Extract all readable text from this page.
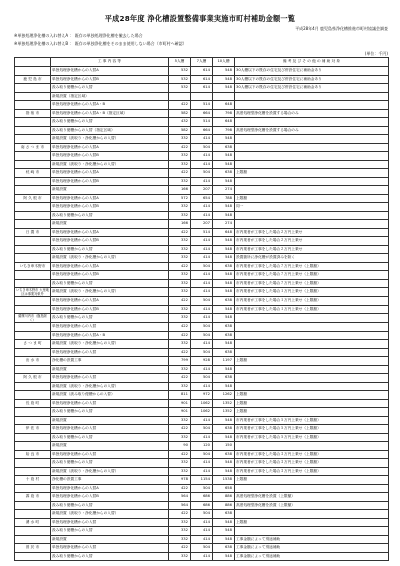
平成28年度 浄化槽設置整備事業実施市町村補助金額一覧
平成28年4月 鹿児島県浄化槽推進市町村協議会調査
※単独処理浄化槽の入れ替えA ： 既存の単独処理浄化槽を撤去した場合
※単独処理浄化槽の入れ替えB ： 既存の単独浄化槽をそのまま使用しない場合（市町村へ確認）
(単位：千円)
	工 事 内 容 等	5人槽	7人槽	10人槽	備 考 及 び そ の 他 の 補 助 対 象
	単独処理浄化槽からの入替A	532	614	548	30人槽以下の既存の住宅及び併設住宅に補助金あり
鹿 児 島 市	単独処理浄化槽からの入替B	532	614	548	30人槽以下の既存の住宅及び併設住宅に補助金あり
	汲み取り便槽からの入替	532	614	548	30人槽以下の既存の住宅及び併設住宅に補助金あり
	新規設置（指定区域）				
	単独処理浄化槽からの入替A・B	422	514	648	
指 宿 市	単独処理浄化槽からの入替A・B（指定区域）	582	664	798	高度処理型浄化槽を設置する場合のみ
	汲み取り便槽からの入替	432	514	648	
	汲み取り便槽からの入替（指定区域）	582	664	798	高度処理型浄化槽を設置する場合のみ
	新規設置（汲取り・浄化槽からの入替）	332	414	548	
南 さ つ ま 市	単独処理浄化槽からの入替A	422	504	638	
	単独処理浄化槽からの入替B	332	414	548	
	新規設置（汲取り・浄化槽からの入替）	332	414	548	
枕 崎 市	単独処理浄化槽からの入替A	422	504	638	上限額
	単独処理浄化槽からの入替B	332	414	548	
	新規設置	166	207	274	
阿 久 根 市	単独処理浄化槽からの入替A	572	654	788	上限額
	単独処理浄化槽からの入替B	332	414	548	同一
	汲み取り便槽からの入替	332	414	548	
	新規設置	166	207	274	
日 置 市	単独処理浄化槽からの入替A	422	514	648	市内業者が工事をした場合２万円上乗せ
	単独処理浄化槽からの入替B	332	414	548	市内業者が工事をした場合２万円上乗せ
	汲み取り便槽からの入替	332	414	548	市内業者が工事をした場合２万円上乗せ
	新規設置（汲取り・浄化槽からの入替）	332	414	548	設置箇所に浄化槽が設置済みを除く
いちき串木野市	単独処理浄化槽からの入替A	422	504	638	市内業者が工事をした場合７万円上乗せ（上限額）
	単独処理浄化槽からの入替B	332	414	548	市内業者が工事をした場合７万円上乗せ（上限額）
	汲み取り便槽からの入替	332	414	548	市内業者が工事をした場合７万円上乗せ（上限額）
いちき串木野市 大里地区は事業対象外	新規設置（汲取り・浄化槽からの入替）	332	414	548	市内業者が工事をした場合１万円上乗せ（上限額）
	単独処理浄化槽からの入替A	422	504	638	市内業者が工事をした場合１万円上乗せ（上限額）
	単独処理浄化槽からの入替B	332	414	548	市内業者が工事をした場合１万円上乗せ（上限額）
薩摩川内市（甑島除く）	汲み取り便槽からの入替	332	414	548	
	単独処理浄化槽からの入替	422	504	638	
	単独処理浄化槽からの入替A・B	422	504	638	
さ つ ま 町	新規設置（汲取り・浄化槽からの入替）	332	414	548	
	単独処理浄化槽からの入替	422	504	638	
出 水 市	浄化槽の設置工事	799	928	1197	上限額
	新規設置	332	414	548	
阿 久 根 市	単独処理浄化槽からの入替	422	504	638	
	新規設置（汲取り・浄化槽からの入替）	332	414	548	
	新規設置（汲み取り便槽からの入替）	811	972	1262	上限額
長 島 町	単独処理浄化槽からの入替	901	1062	1352	上限額
	汲み取り便槽からの入替	901	1062	1352	上限額
	新規設置	332	414	548	市内業者が工事をした場合５万円上乗せ（上限額）
伊 佐 市	単独処理浄化槽からの入替	422	504	638	市内業者が工事をした場合５万円上乗せ（上限額）
	汲み取り便槽からの入替	332	414	548	市内業者が工事をした場合５万円上乗せ（上限額）
	新規設置	90	120	150	
姶 良 市	単独処理浄化槽からの入替	422	504	638	市内業者が工事をした場合３万円上乗せ（上限額）
	汲み取り便槽からの入替	332	414	548	市内業者が工事をした場合３万円上乗せ（上限額）
	新規設置（汲取り・浄化槽からの入替）	332	414	548	市内業者が工事をした場合３万円上乗せ（上限額）
十 島 村	浄化槽の設置工事	978	1154	1538	上限額
	単独処理浄化槽からの入替A	422	504	658	
霧 島 市	単独処理浄化槽からの入替B	564	686	886	高度処理型浄化槽を設置（上限額）
	汲み取り便槽からの入替	564	686	886	高度処理型浄化槽を設置（上限額）
	新規設置（汲取り・浄化槽からの入替）	422	504	638	
湧 水 町	単独処理浄化槽からの入替	332	414	548	上限額
	汲み取り便槽からの入替	332	414	548	
	新規設置	332	414	548	工事金額によって別途補助
曽 於 市	単独処理浄化槽からの入替	422	504	638	工事金額によって別途補助
	汲み取り便槽からの入替	332	414	548	工事金額によって別途補助
